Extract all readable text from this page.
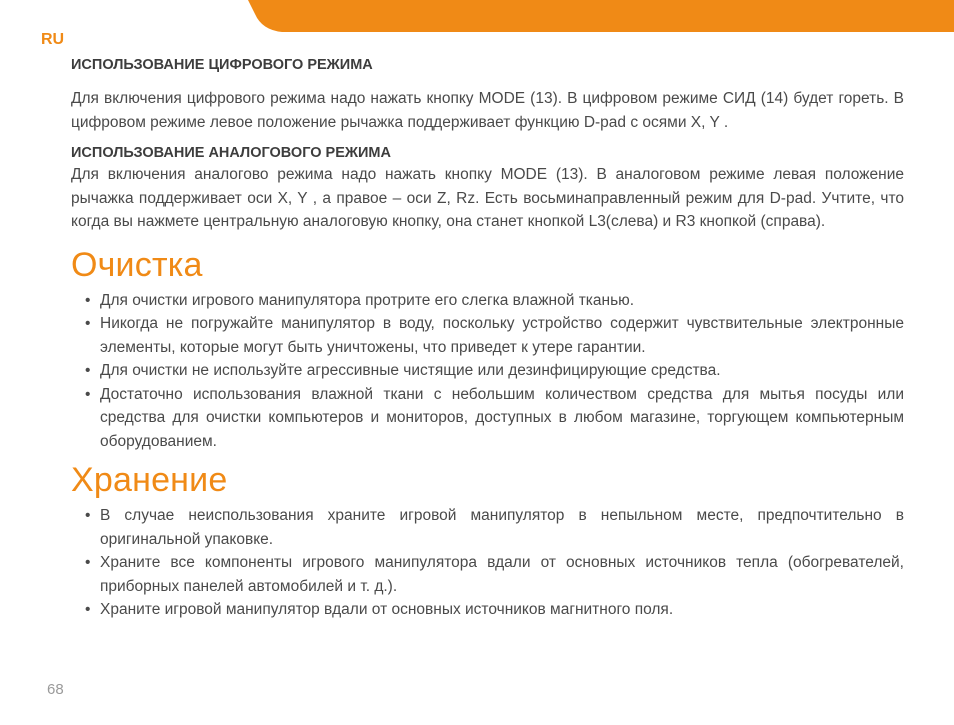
RU
ИСПОЛЬЗОВАНИЕ ЦИФРОВОГО РЕЖИМА

Для включения цифрового режима надо нажать кнопку MODE (13). В цифровом режиме СИД (14) будет гореть. В цифровом режиме левое положение рычажка поддерживает функцию D-pad с осями X, Y .

ИСПОЛЬЗОВАНИЕ АНАЛОГОВОГО РЕЖИМА

Для включения аналогово режима надо нажать кнопку MODE (13). В аналоговом режиме левая положение рычажка поддерживает оси X, Y , а правое – оси Z, Rz. Есть восьминаправленный режим для D-pad. Учтите, что когда вы нажмете центральную аналоговую кнопку, она станет кнопкой L3(слева) и R3 кнопкой (справа).

Очистка
• Для очистки игрового манипулятора протрите его слегка влажной тканью.
• Никогда не погружайте манипулятор в воду, поскольку устройство содержит чувствительные электронные элементы, которые могут быть уничтожены, что приведет к утере гарантии.
• Для очистки не используйте агрессивные чистящие или дезинфицирующие средства.
• Достаточно использования влажной ткани с небольшим количеством средства для мытья посуды или средства для очистки компьютеров и мониторов, доступных в любом магазине, торгующем компьютерным оборудованием.
Хранение
• В случае неиспользования храните игровой манипулятор в непыльном месте, предпочтительно в оригинальной упаковке.
• Храните все компоненты игрового манипулятора вдали от основных источников тепла (обогревателей, приборных панелей автомобилей и т. д.).
• Храните игровой манипулятор вдали от основных источников магнитного поля.
68
